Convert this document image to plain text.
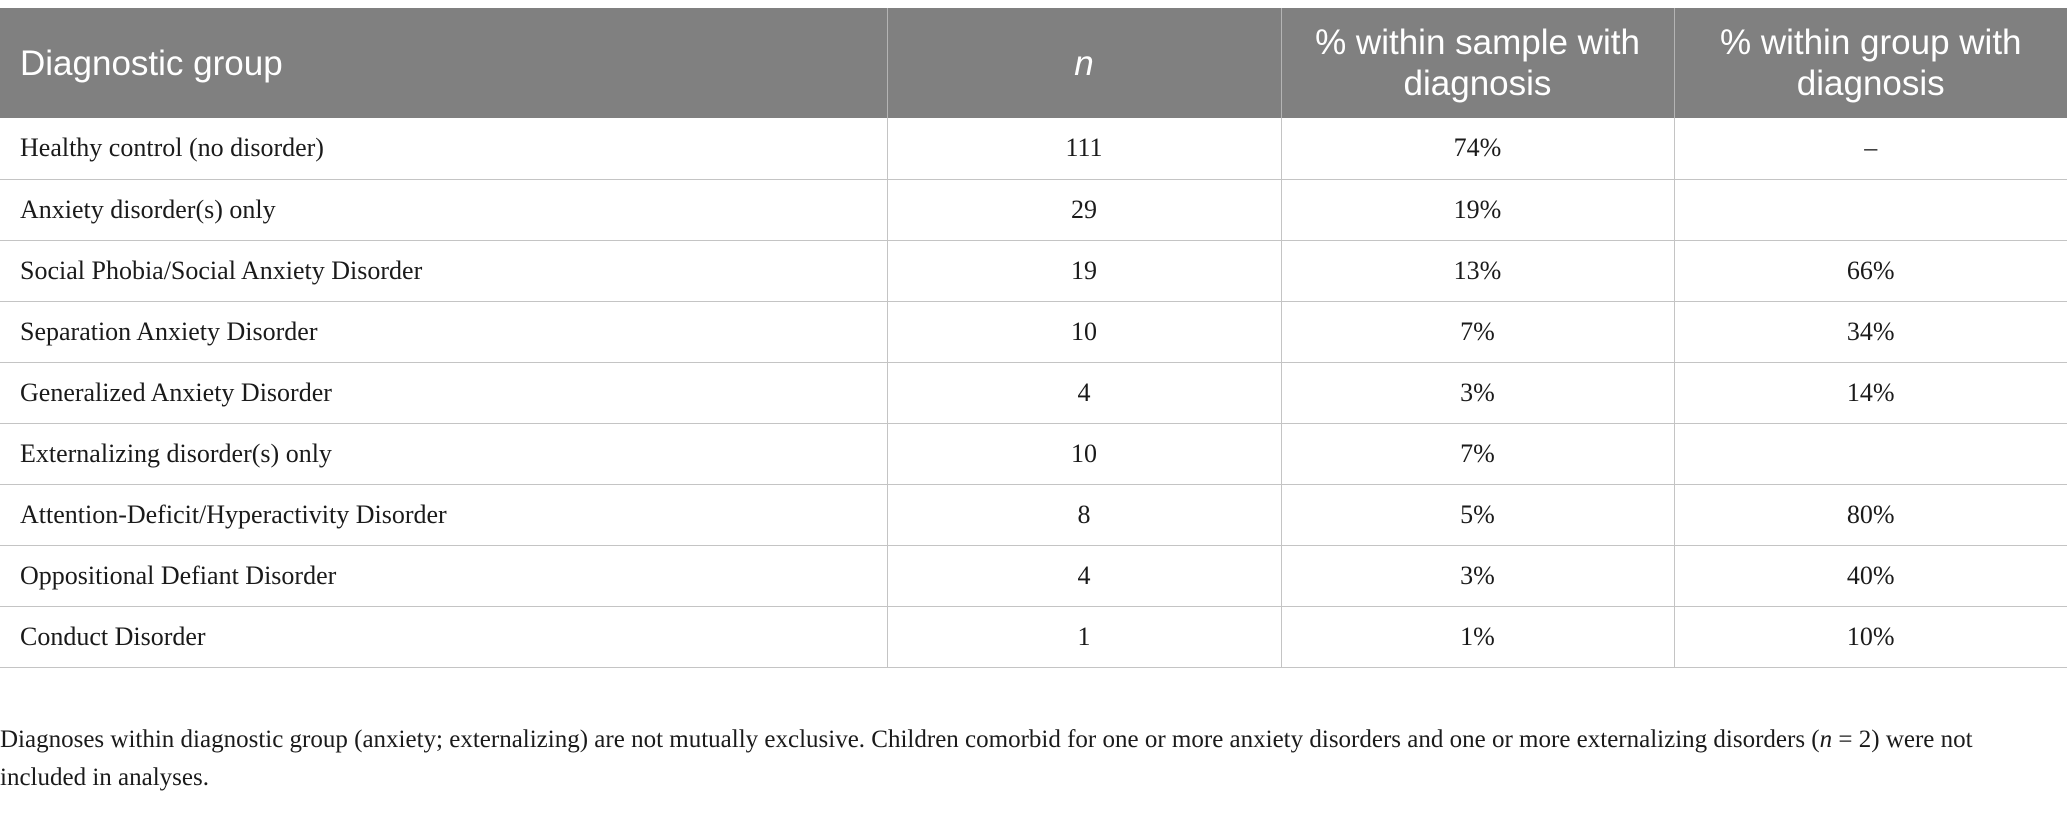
Diagnostic group	n	% within sample with diagnosis	% within group with diagnosis
Healthy control (no disorder)	111	74%	–
Anxiety disorder(s) only	29	19%	
Social Phobia/Social Anxiety Disorder	19	13%	66%
Separation Anxiety Disorder	10	7%	34%
Generalized Anxiety Disorder	4	3%	14%
Externalizing disorder(s) only	10	7%	
Attention-Deficit/Hyperactivity Disorder	8	5%	80%
Oppositional Defiant Disorder	4	3%	40%
Conduct Disorder	1	1%	10%

Diagnoses within diagnostic group (anxiety; externalizing) are not mutually exclusive. Children comorbid for one or more anxiety disorders and one or more externalizing disorders (n = 2) were not included in analyses.
